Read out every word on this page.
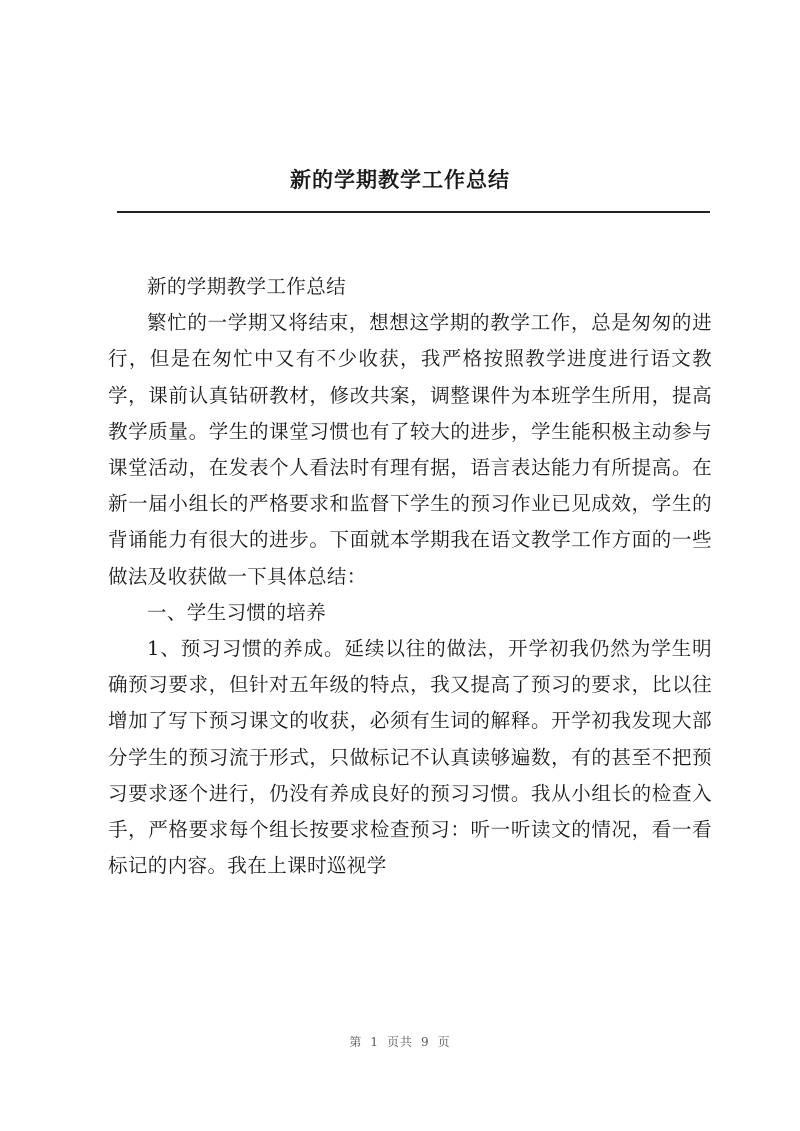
新的学期教学工作总结

新的学期教学工作总结

繁忙的一学期又将结束，想想这学期的教学工作，总是匆匆的进行，但是在匆忙中又有不少收获，我严格按照教学进度进行语文教学，课前认真钻研教材，修改共案，调整课件为本班学生所用，提高教学质量。学生的课堂习惯也有了较大的进步，学生能积极主动参与课堂活动，在发表个人看法时有理有据，语言表达能力有所提高。在新一届小组长的严格要求和监督下学生的预习作业已见成效，学生的背诵能力有很大的进步。下面就本学期我在语文教学工作方面的一些做法及收获做一下具体总结：

一、学生习惯的培养

1、预习习惯的养成。延续以往的做法，开学初我仍然为学生明确预习要求，但针对五年级的特点，我又提高了预习的要求，比以往增加了写下预习课文的收获，必须有生词的解释。开学初我发现大部分学生的预习流于形式，只做标记不认真读够遍数，有的甚至不把预习要求逐个进行，仍没有养成良好的预习习惯。我从小组长的检查入手，严格要求每个组长按要求检查预习：听一听读文的情况，看一看标记的内容。我在上课时巡视学

第 1 页共 9 页
